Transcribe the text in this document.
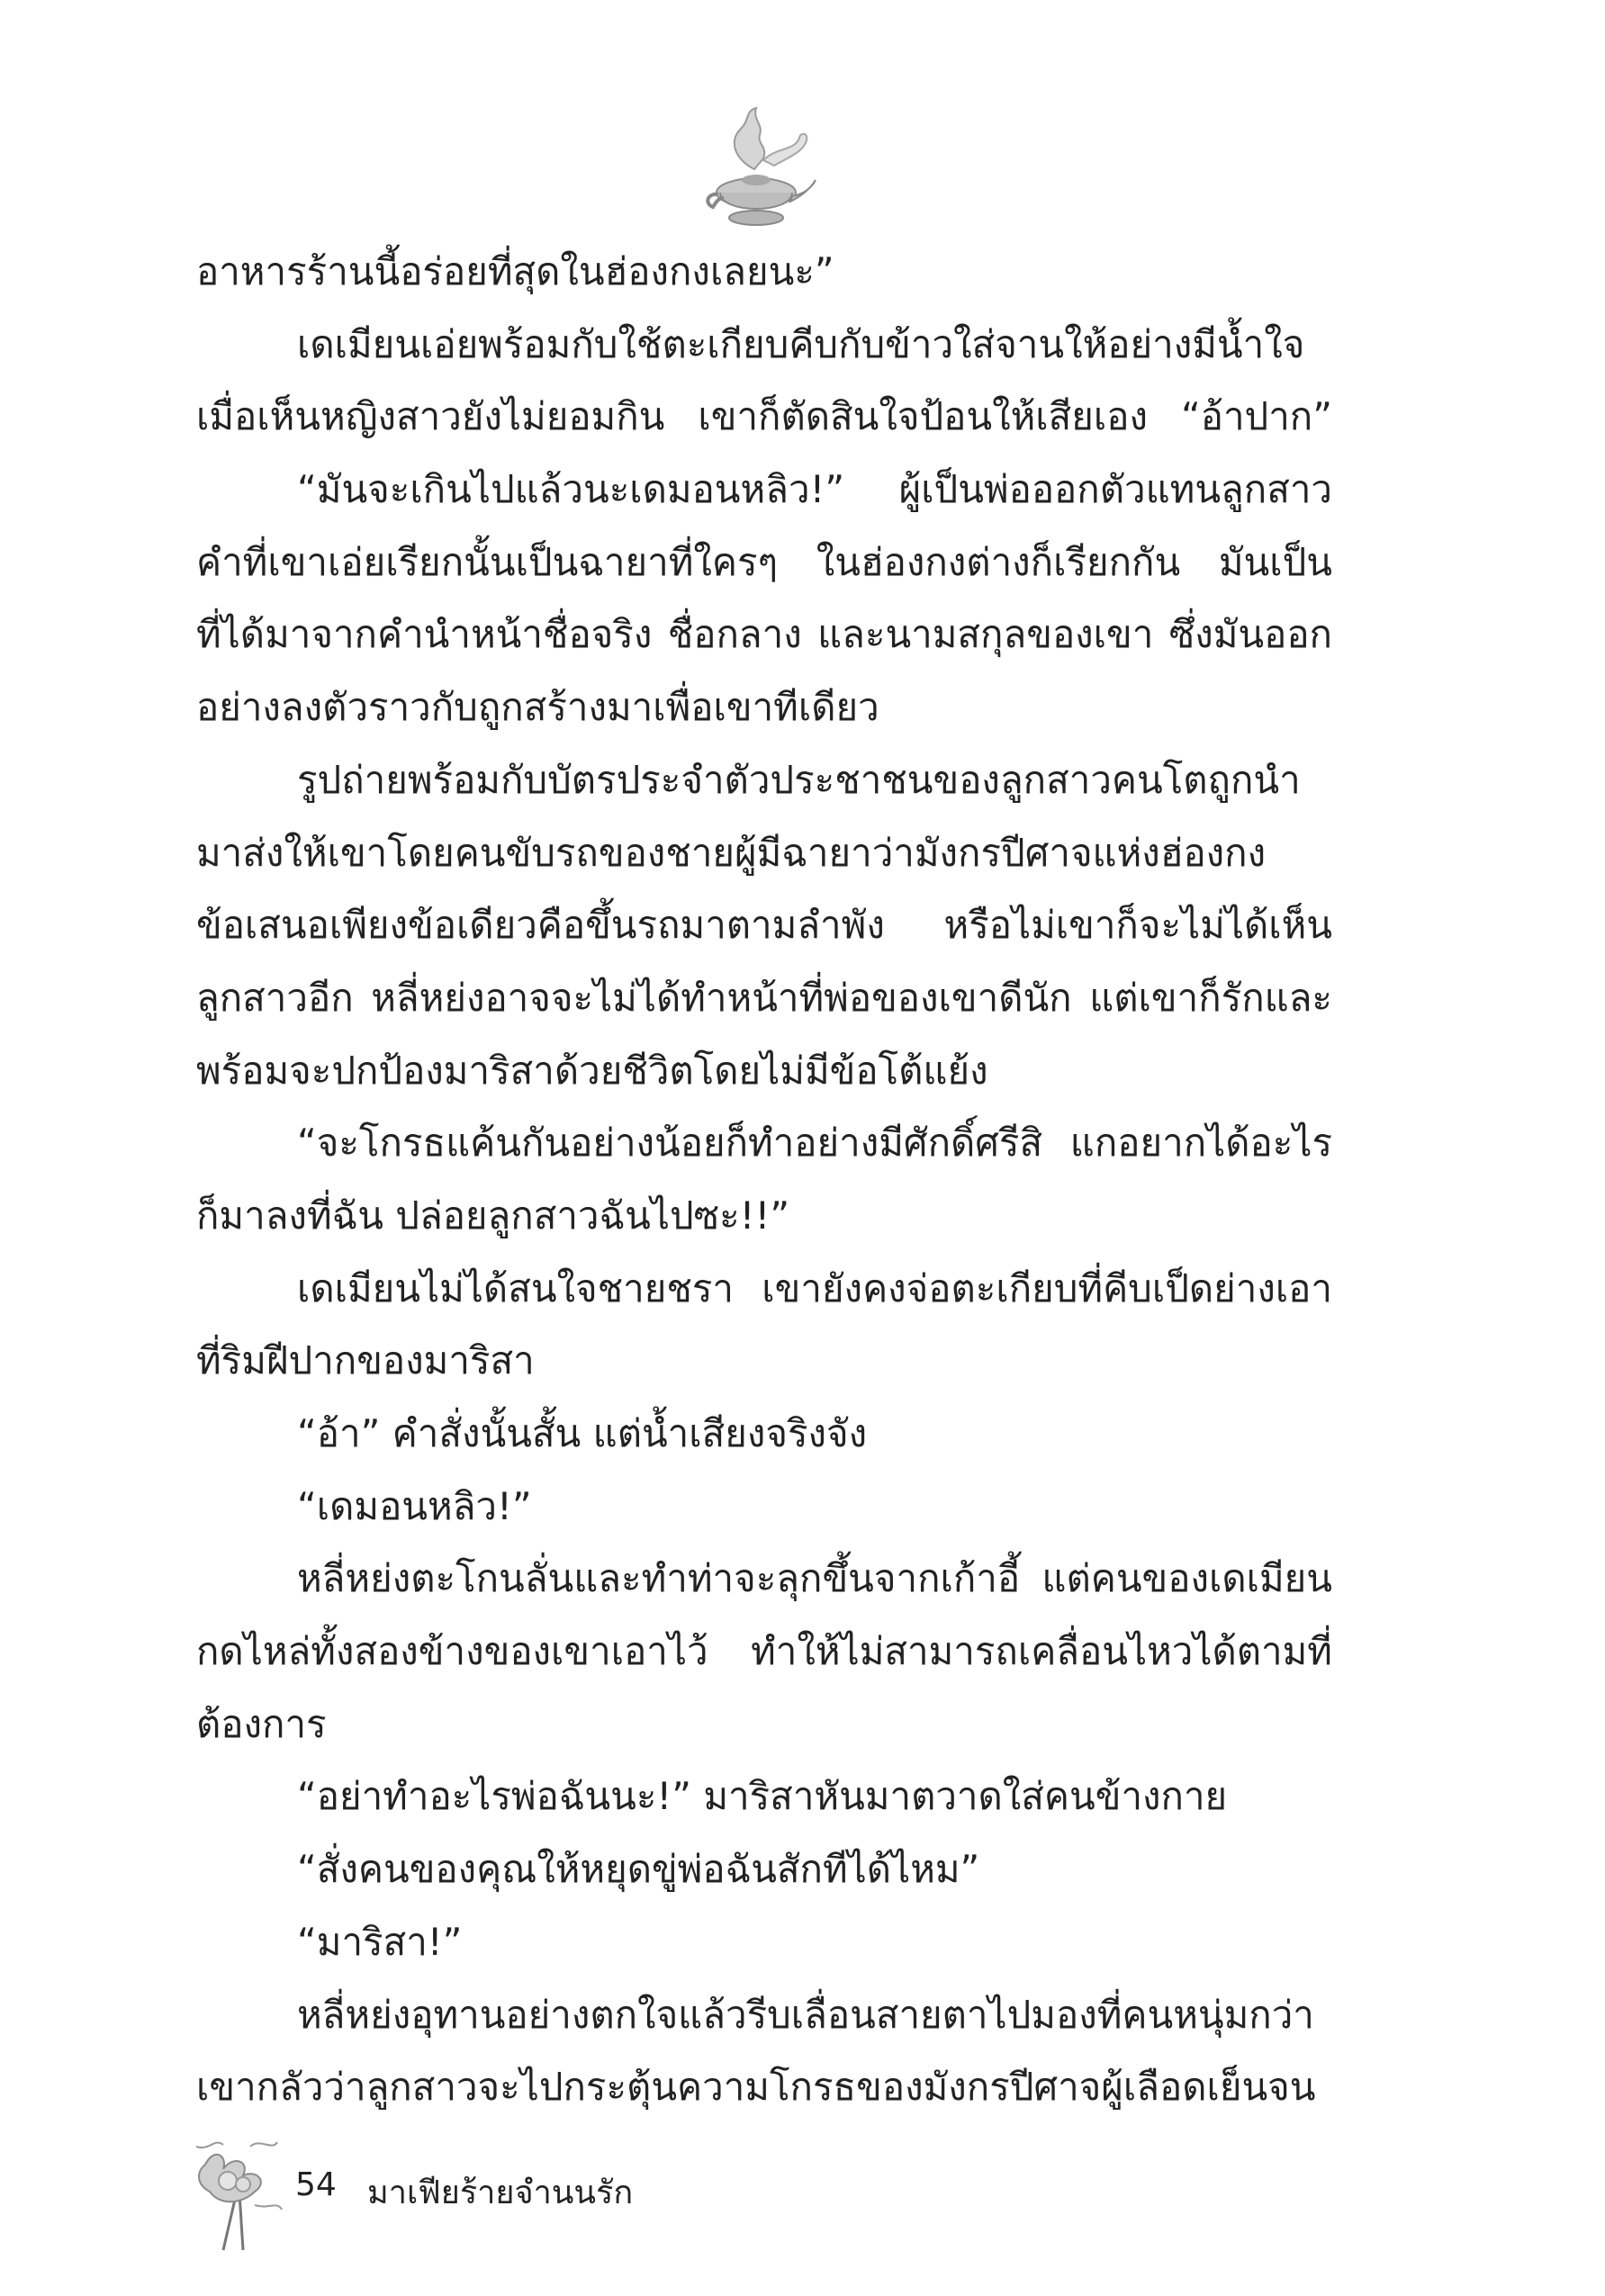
อาหารร้านนี้อร่อยที่สุดในฮ่องกงเลยนะ”
เดเมียนเอ่ยพร้อมกับใช้ตะเกียบคีบกับข้าวใส่จานให้อย่างมีน้ำใจ
เมื่อเห็นหญิงสาวยังไม่ยอมกิน เขาก็ตัดสินใจป้อนให้เสียเอง “อ้าปาก”
“มันจะเกินไปแล้วนะเดมอนหลิว!” ผู้เป็นพ่อออกตัวแทนลูกสาว
คำที่เขาเอ่ยเรียกนั้นเป็นฉายาที่ใครๆ ในฮ่องกงต่างก็เรียกกัน มันเป็น
ที่ได้มาจากคำนำหน้าชื่อจริง ชื่อกลาง และนามสกุลของเขา ซึ่งมันออก
อย่างลงตัวราวกับถูกสร้างมาเพื่อเขาทีเดียว
รูปถ่ายพร้อมกับบัตรประจำตัวประชาชนของลูกสาวคนโตถูกนำ
มาส่งให้เขาโดยคนขับรถของชายผู้มีฉายาว่ามังกรปีศาจแห่งฮ่องกง
ข้อเสนอเพียงข้อเดียวคือขึ้นรถมาตามลำพัง หรือไม่เขาก็จะไม่ได้เห็น
ลูกสาวอีก หลี่หย่งอาจจะไม่ได้ทำหน้าที่พ่อของเขาดีนัก แต่เขาก็รักและ
พร้อมจะปกป้องมาริสาด้วยชีวิตโดยไม่มีข้อโต้แย้ง
“จะโกรธแค้นกันอย่างน้อยก็ทำอย่างมีศักดิ์ศรีสิ แกอยากได้อะไร
ก็มาลงที่ฉัน ปล่อยลูกสาวฉันไปซะ!!”
เดเมียนไม่ได้สนใจชายชรา เขายังคงจ่อตะเกียบที่คีบเป็ดย่างเอา
ที่ริมฝีปากของมาริสา
“อ้า” คำสั่งนั้นสั้น แต่น้ำเสียงจริงจัง
“เดมอนหลิว!”
หลี่หย่งตะโกนลั่นและทำท่าจะลุกขึ้นจากเก้าอี้ แต่คนของเดเมียน
กดไหล่ทั้งสองข้างของเขาเอาไว้ ทำให้ไม่สามารถเคลื่อนไหวได้ตามที่
ต้องการ
“อย่าทำอะไรพ่อฉันนะ!” มาริสาหันมาตวาดใส่คนข้างกาย
“สั่งคนของคุณให้หยุดขู่พ่อฉันสักทีได้ไหม”
“มาริสา!”
หลี่หย่งอุทานอย่างตกใจแล้วรีบเลื่อนสายตาไปมองที่คนหนุ่มกว่า
เขากลัวว่าลูกสาวจะไปกระตุ้นความโกรธของมังกรปีศาจผู้เลือดเย็นจน
54 มาเฟียร้ายจำนนรัก
